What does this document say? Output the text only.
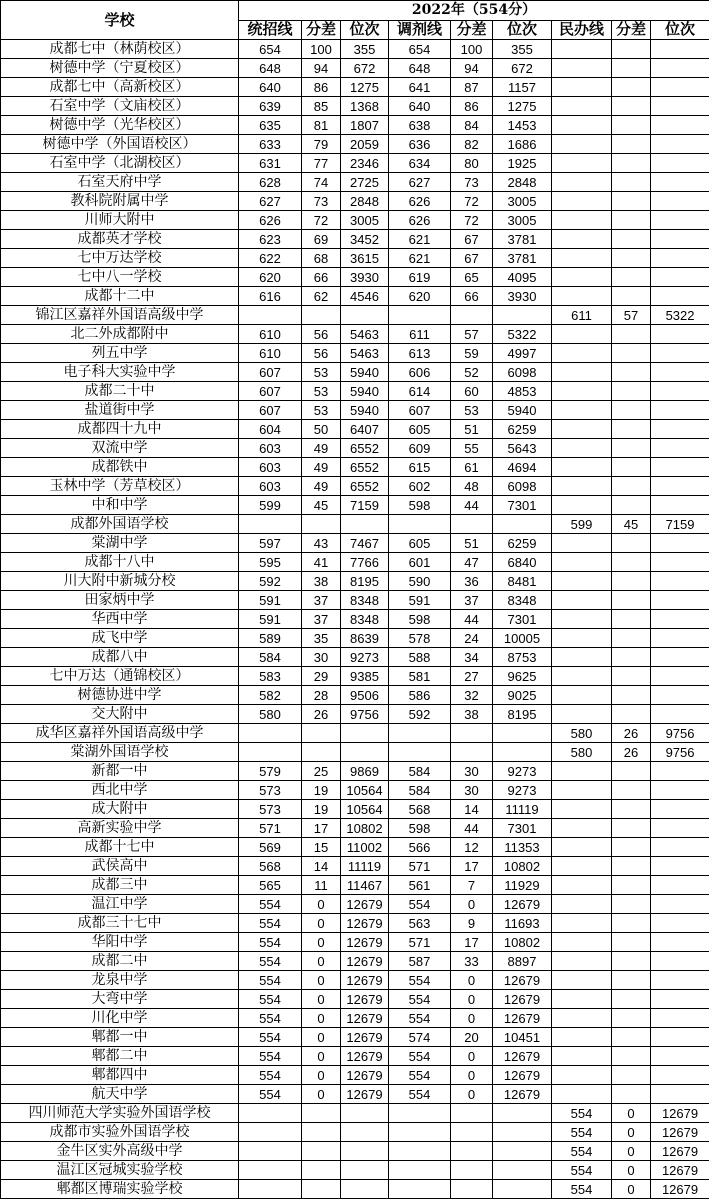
学校	2022年（554分）								
	统招线	分差	位次	调剂线	分差	位次	民办线	分差	位次
成都七中（林荫校区）	654	100	355	654	100	355			
树德中学（宁夏校区）	648	94	672	648	94	672			
成都七中（高新校区）	640	86	1275	641	87	1157			
石室中学（文庙校区）	639	85	1368	640	86	1275			
树德中学（光华校区）	635	81	1807	638	84	1453			
树德中学（外国语校区）	633	79	2059	636	82	1686			
石室中学（北湖校区）	631	77	2346	634	80	1925			
石室天府中学	628	74	2725	627	73	2848			
教科院附属中学	627	73	2848	626	72	3005			
川师大附中	626	72	3005	626	72	3005			
成都英才学校	623	69	3452	621	67	3781			
七中万达学校	622	68	3615	621	67	3781			
七中八一学校	620	66	3930	619	65	4095			
成都十二中	616	62	4546	620	66	3930			
锦江区嘉祥外国语高级中学							611	57	5322
北二外成都附中	610	56	5463	611	57	5322			
列五中学	610	56	5463	613	59	4997			
电子科大实验中学	607	53	5940	606	52	6098			
成都二十中	607	53	5940	614	60	4853			
盐道街中学	607	53	5940	607	53	5940			
成都四十九中	604	50	6407	605	51	6259			
双流中学	603	49	6552	609	55	5643			
成都铁中	603	49	6552	615	61	4694			
玉林中学（芳草校区）	603	49	6552	602	48	6098			
中和中学	599	45	7159	598	44	7301			
成都外国语学校							599	45	7159
棠湖中学	597	43	7467	605	51	6259			
成都十八中	595	41	7766	601	47	6840			
川大附中新城分校	592	38	8195	590	36	8481			
田家炳中学	591	37	8348	591	37	8348			
华西中学	591	37	8348	598	44	7301			
成飞中学	589	35	8639	578	24	10005			
成都八中	584	30	9273	588	34	8753			
七中万达（通锦校区）	583	29	9385	581	27	9625			
树德协进中学	582	28	9506	586	32	9025			
交大附中	580	26	9756	592	38	8195			
成华区嘉祥外国语高级中学							580	26	9756
棠湖外国语学校							580	26	9756
新都一中	579	25	9869	584	30	9273			
西北中学	573	19	10564	584	30	9273			
成大附中	573	19	10564	568	14	11119			
高新实验中学	571	17	10802	598	44	7301			
成都十七中	569	15	11002	566	12	11353			
武侯高中	568	14	11119	571	17	10802			
成都三中	565	11	11467	561	7	11929			
温江中学	554	0	12679	554	0	12679			
成都三十七中	554	0	12679	563	9	11693			
华阳中学	554	0	12679	571	17	10802			
成都二中	554	0	12679	587	33	8897			
龙泉中学	554	0	12679	554	0	12679			
大弯中学	554	0	12679	554	0	12679			
川化中学	554	0	12679	554	0	12679			
郫都一中	554	0	12679	574	20	10451			
郫都二中	554	0	12679	554	0	12679			
郫都四中	554	0	12679	554	0	12679			
航天中学	554	0	12679	554	0	12679			
四川师范大学实验外国语学校							554	0	12679
成都市实验外国语学校							554	0	12679
金牛区实外高级中学							554	0	12679
温江区冠城实验学校							554	0	12679
郫都区博瑞实验学校							554	0	12679
